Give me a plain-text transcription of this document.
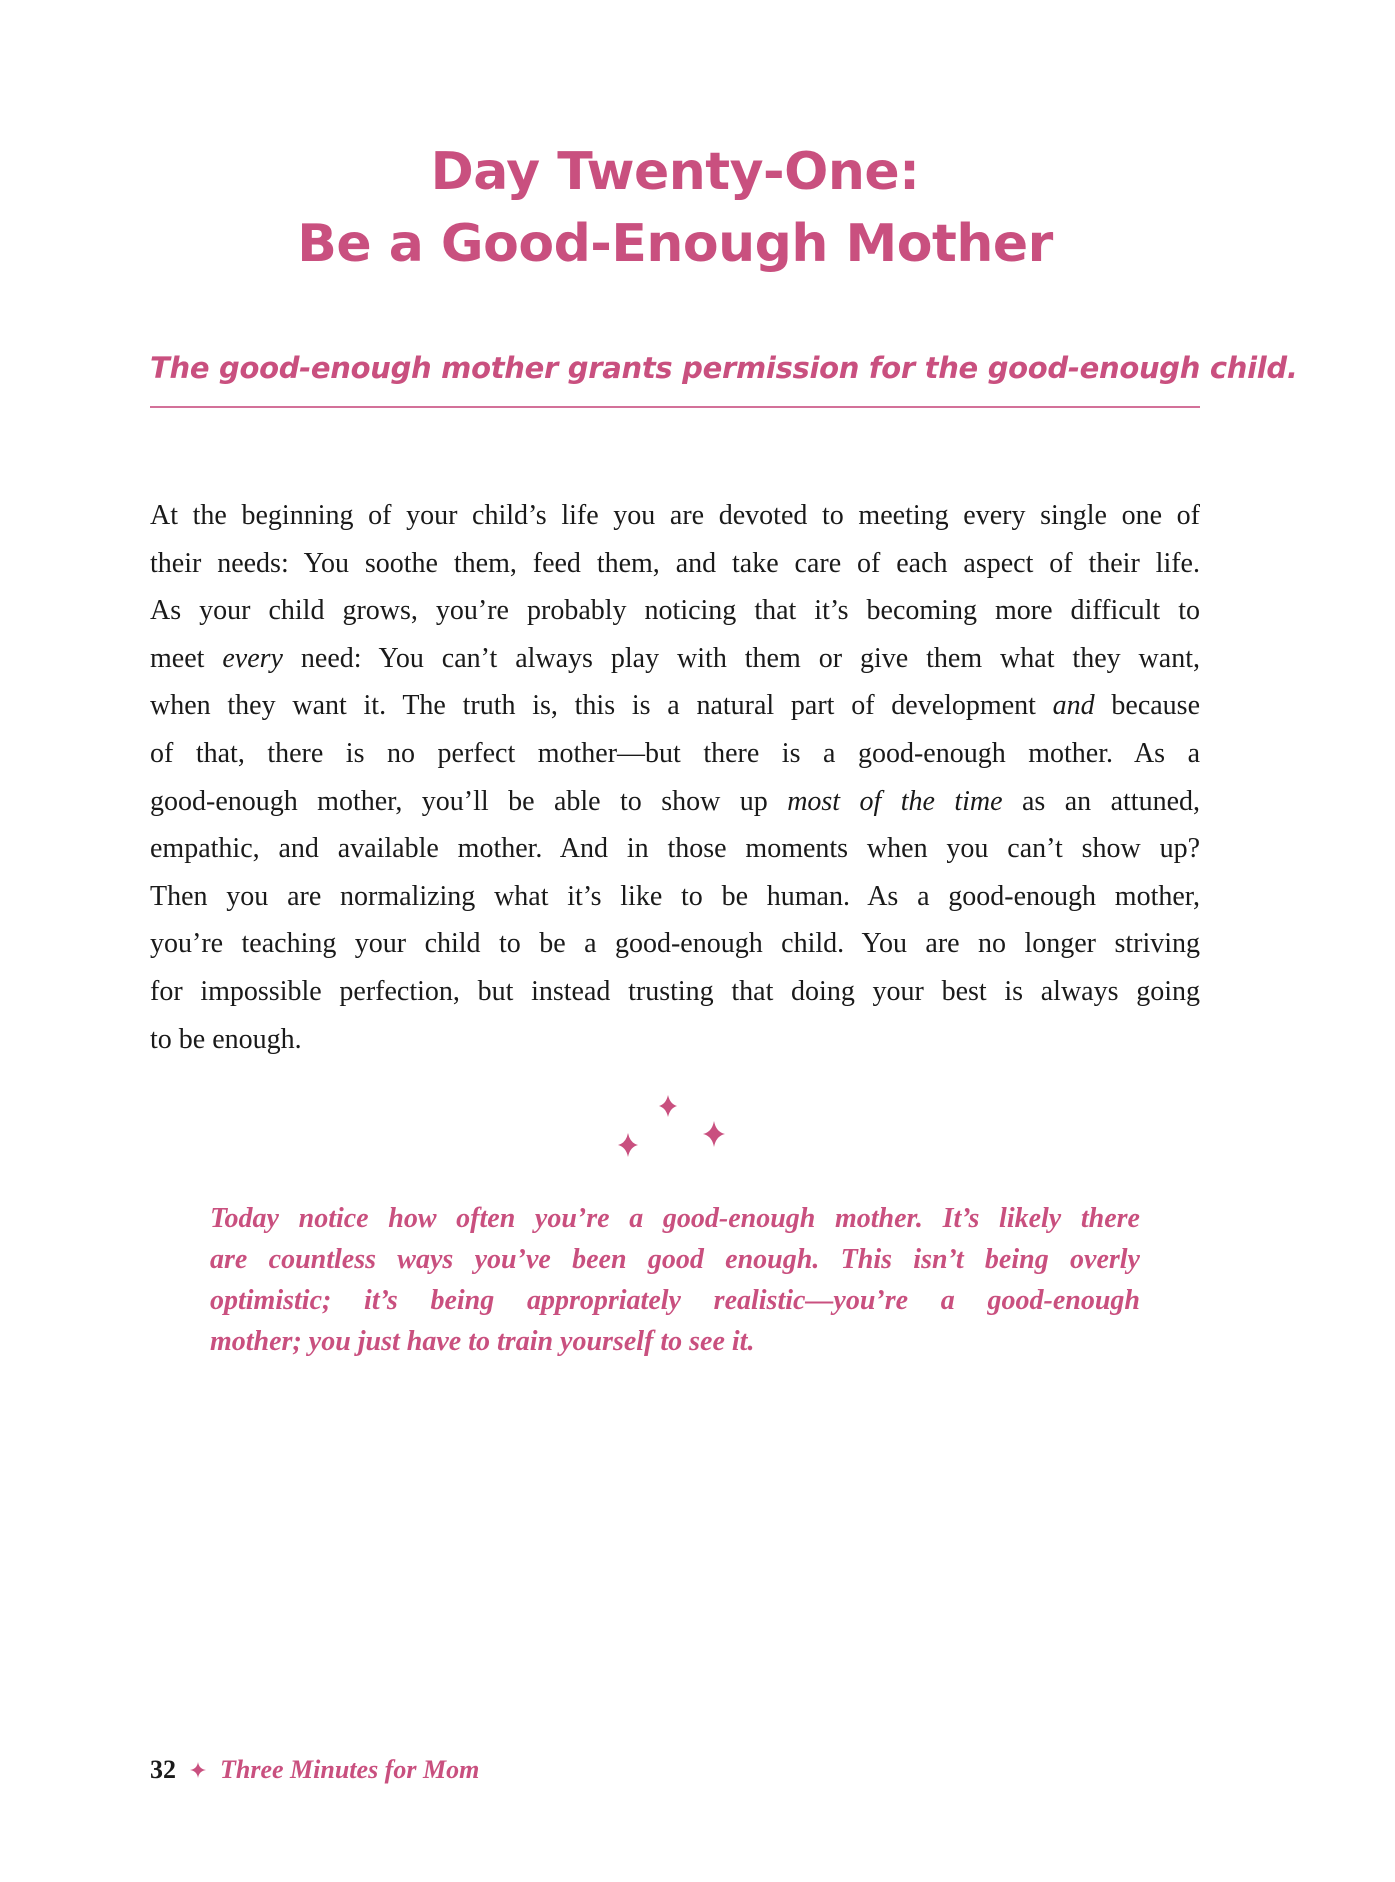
Day Twenty-One:
Be a Good-Enough Mother

The good-enough mother grants permission for the good-enough child.

At the beginning of your child’s life you are devoted to meeting every single one of
their needs: You soothe them, feed them, and take care of each aspect of their life.
As your child grows, you’re probably noticing that it’s becoming more difficult to
meet every need: You can’t always play with them or give them what they want,
when they want it. The truth is, this is a natural part of development and because
of that, there is no perfect mother—but there is a good-enough mother. As a
good-enough mother, you’ll be able to show up most of the time as an attuned,
empathic, and available mother. And in those moments when you can’t show up?
Then you are normalizing what it’s like to be human. As a good-enough mother,
you’re teaching your child to be a good-enough child. You are no longer striving
for impossible perfection, but instead trusting that doing your best is always going
to be enough.
Today notice how often you’re a good-enough mother. It’s likely there
are countless ways you’ve been good enough. This isn’t being overly
optimistic; it’s being appropriately realistic—you’re a good-enough
mother; you just have to train yourself to see it.
32 Three Minutes for Mom
